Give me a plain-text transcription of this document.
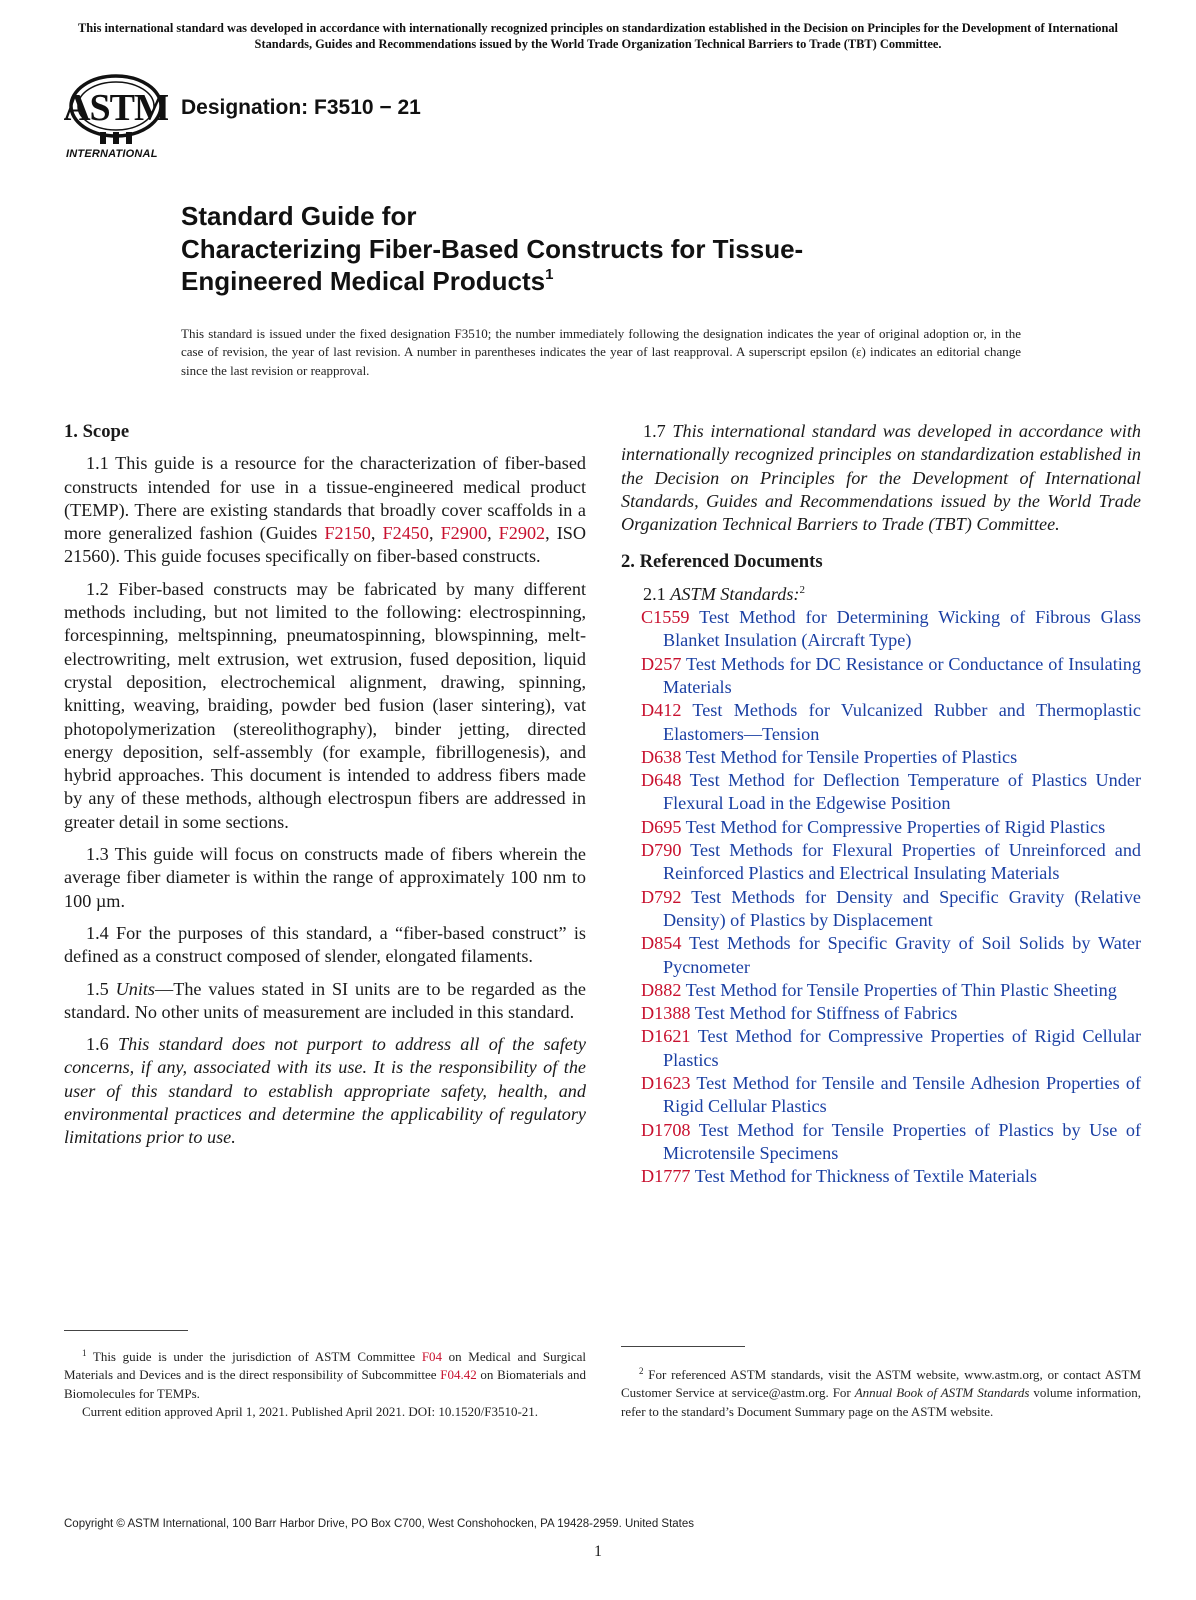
This international standard was developed in accordance with internationally recognized principles on standardization established in the Decision on Principles for the Development of International Standards, Guides and Recommendations issued by the World Trade Organization Technical Barriers to Trade (TBT) Committee.
ASTM
INTERNATIONAL
Designation: F3510 − 21
Standard Guide for
Characterizing Fiber-Based Constructs for Tissue-
Engineered Medical Products$^1$
This standard is issued under the fixed designation F3510; the number immediately following the designation indicates the year of original adoption or, in the case of revision, the year of last revision. A number in parentheses indicates the year of last reapproval. A superscript epsilon (ε) indicates an editorial change since the last revision or reapproval.
1. Scope

1.1 This guide is a resource for the characterization of fiber-based constructs intended for use in a tissue-engineered medical product (TEMP). There are existing standards that broadly cover scaffolds in a more generalized fashion (Guides F2150, F2450, F2900, F2902, ISO 21560). This guide focuses specifically on fiber-based constructs.

1.2 Fiber-based constructs may be fabricated by many different methods including, but not limited to the following: electrospinning, forcespinning, meltspinning, pneumatospinning, blowspinning, melt-electrowriting, melt extrusion, wet extrusion, fused deposition, liquid crystal deposition, electrochemical alignment, drawing, spinning, knitting, weaving, braiding, powder bed fusion (laser sintering), vat photopolymerization (stereolithography), binder jetting, directed energy deposition, self-assembly (for example, fibrillogenesis), and hybrid approaches. This document is intended to address fibers made by any of these methods, although electrospun fibers are addressed in greater detail in some sections.

1.3 This guide will focus on constructs made of fibers wherein the average fiber diameter is within the range of approximately 100 nm to 100 µm.

1.4 For the purposes of this standard, a “fiber-based construct” is defined as a construct composed of slender, elongated filaments.

1.5 Units—The values stated in SI units are to be regarded as the standard. No other units of measurement are included in this standard.

1.6 This standard does not purport to address all of the safety concerns, if any, associated with its use. It is the responsibility of the user of this standard to establish appropriate safety, health, and environmental practices and determine the applicability of regulatory limitations prior to use.

1.7 This international standard was developed in accordance with internationally recognized principles on standardization established in the Decision on Principles for the Development of International Standards, Guides and Recommendations issued by the World Trade Organization Technical Barriers to Trade (TBT) Committee.

2. Referenced Documents

2.1 ASTM Standards:$^2$

C1559 Test Method for Determining Wicking of Fibrous Glass Blanket Insulation (Aircraft Type)
D257 Test Methods for DC Resistance or Conductance of Insulating Materials
D412 Test Methods for Vulcanized Rubber and Thermoplastic Elastomers—Tension
D638 Test Method for Tensile Properties of Plastics
D648 Test Method for Deflection Temperature of Plastics Under Flexural Load in the Edgewise Position
D695 Test Method for Compressive Properties of Rigid Plastics
D790 Test Methods for Flexural Properties of Unreinforced and Reinforced Plastics and Electrical Insulating Materials
D792 Test Methods for Density and Specific Gravity (Relative Density) of Plastics by Displacement
D854 Test Methods for Specific Gravity of Soil Solids by Water Pycnometer
D882 Test Method for Tensile Properties of Thin Plastic Sheeting
D1388 Test Method for Stiffness of Fabrics
D1621 Test Method for Compressive Properties of Rigid Cellular Plastics
D1623 Test Method for Tensile and Tensile Adhesion Properties of Rigid Cellular Plastics
D1708 Test Method for Tensile Properties of Plastics by Use of Microtensile Specimens
D1777 Test Method for Thickness of Textile Materials

$^1$ This guide is under the jurisdiction of ASTM Committee F04 on Medical and Surgical Materials and Devices and is the direct responsibility of Subcommittee F04.42 on Biomaterials and Biomolecules for TEMPs.

Current edition approved April 1, 2021. Published April 2021. DOI: 10.1520/F3510-21.

$^2$ For referenced ASTM standards, visit the ASTM website, www.astm.org, or contact ASTM Customer Service at service@astm.org. For Annual Book of ASTM Standards volume information, refer to the standard’s Document Summary page on the ASTM website.

Copyright © ASTM International, 100 Barr Harbor Drive, PO Box C700, West Conshohocken, PA 19428-2959. United States
1
